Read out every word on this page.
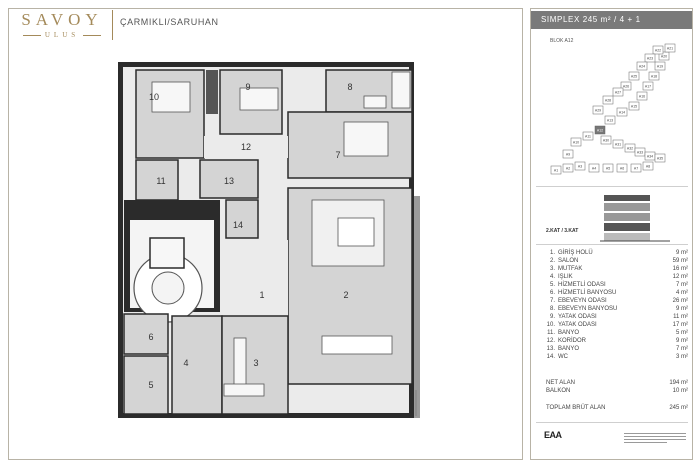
SAVOY
ULUS
ÇARMIKLI/SARUHAN
10
9	8
7
12
11	13
14
1	2
6
5
4	3
SIMPLEX 245 m² / 4 + 1
BLOK A12
A1 A2 A3	A4	A5	A6	A7 A8
A9
A10
A11
A12
A13
A14
A15
A16
A17
A18
A19
A20
A21
A22
A23
A24
A25
A26
A27
A28
A29
A30
A31
A32
A33
A34 A35
2.KAT / 3.KAT
1. GİRİŞ HOLÜ	9 m²
2. SALON	59 m²
3. MUTFAK	16 m²
4. IŞLIK	12 m²
5. HİZMETLİ ODASI	7 m²
6. HİZMETLİ BANYOSU	4 m²
7. EBEVEYN ODASI	26 m²
8. EBEVEYN BANYOSU	9 m²
9. YATAK ODASI	11 m²
10. YATAK ODASI	17 m²
11. BANYO	5 m²
12. KORİDOR	9 m²
13. BANYO	7 m²
14. WC	3 m²
NET ALAN	194 m²
BALKON	10 m²
TOPLAM BRÜT ALAN	245 m²
EAA
